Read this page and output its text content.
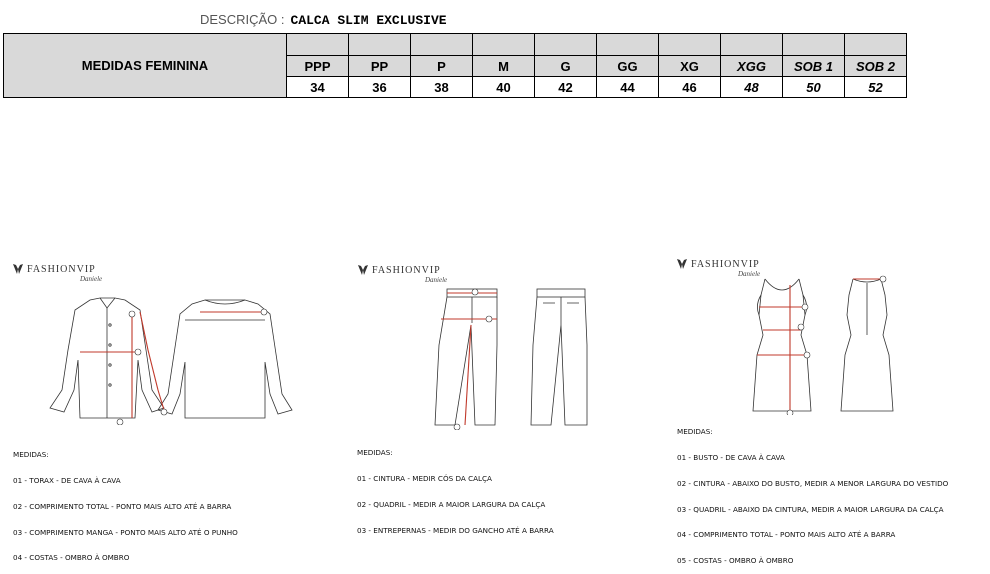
DESCRIÇÃO : CALCA SLIM EXCLUSIVE
MEDIDAS FEMININA										
	PPP	PP	P	M	G	GG	XG	XGG	SOB 1	SOB 2
	34	36	38	40	42	44	46	48	50	52
FASHIONVIP
Daniele

MEDIDAS:

01 - TORAX - DE CAVA À CAVA

02 - COMPRIMENTO TOTAL - PONTO MAIS ALTO ATÉ A BARRA

03 - COMPRIMENTO MANGA - PONTO MAIS ALTO ATÉ O PUNHO

04 - COSTAS - OMBRO À OMBRO

FASHIONVIP
Daniele

MEDIDAS:

01 - CINTURA - MEDIR CÓS DA CALÇA

02 - QUADRIL - MEDIR A MAIOR LARGURA DA CALÇA

03 - ENTREPERNAS - MEDIR DO GANCHO ATÉ A BARRA

FASHIONVIP
Daniele

MEDIDAS:

01 - BUSTO - DE CAVA À CAVA

02 - CINTURA - ABAIXO DO BUSTO, MEDIR A MENOR LARGURA DO VESTIDO

03 - QUADRIL - ABAIXO DA CINTURA, MEDIR A MAIOR LARGURA DA CALÇA

04 - COMPRIMENTO TOTAL - PONTO MAIS ALTO ATÉ A BARRA

05 - COSTAS - OMBRO À OMBRO
